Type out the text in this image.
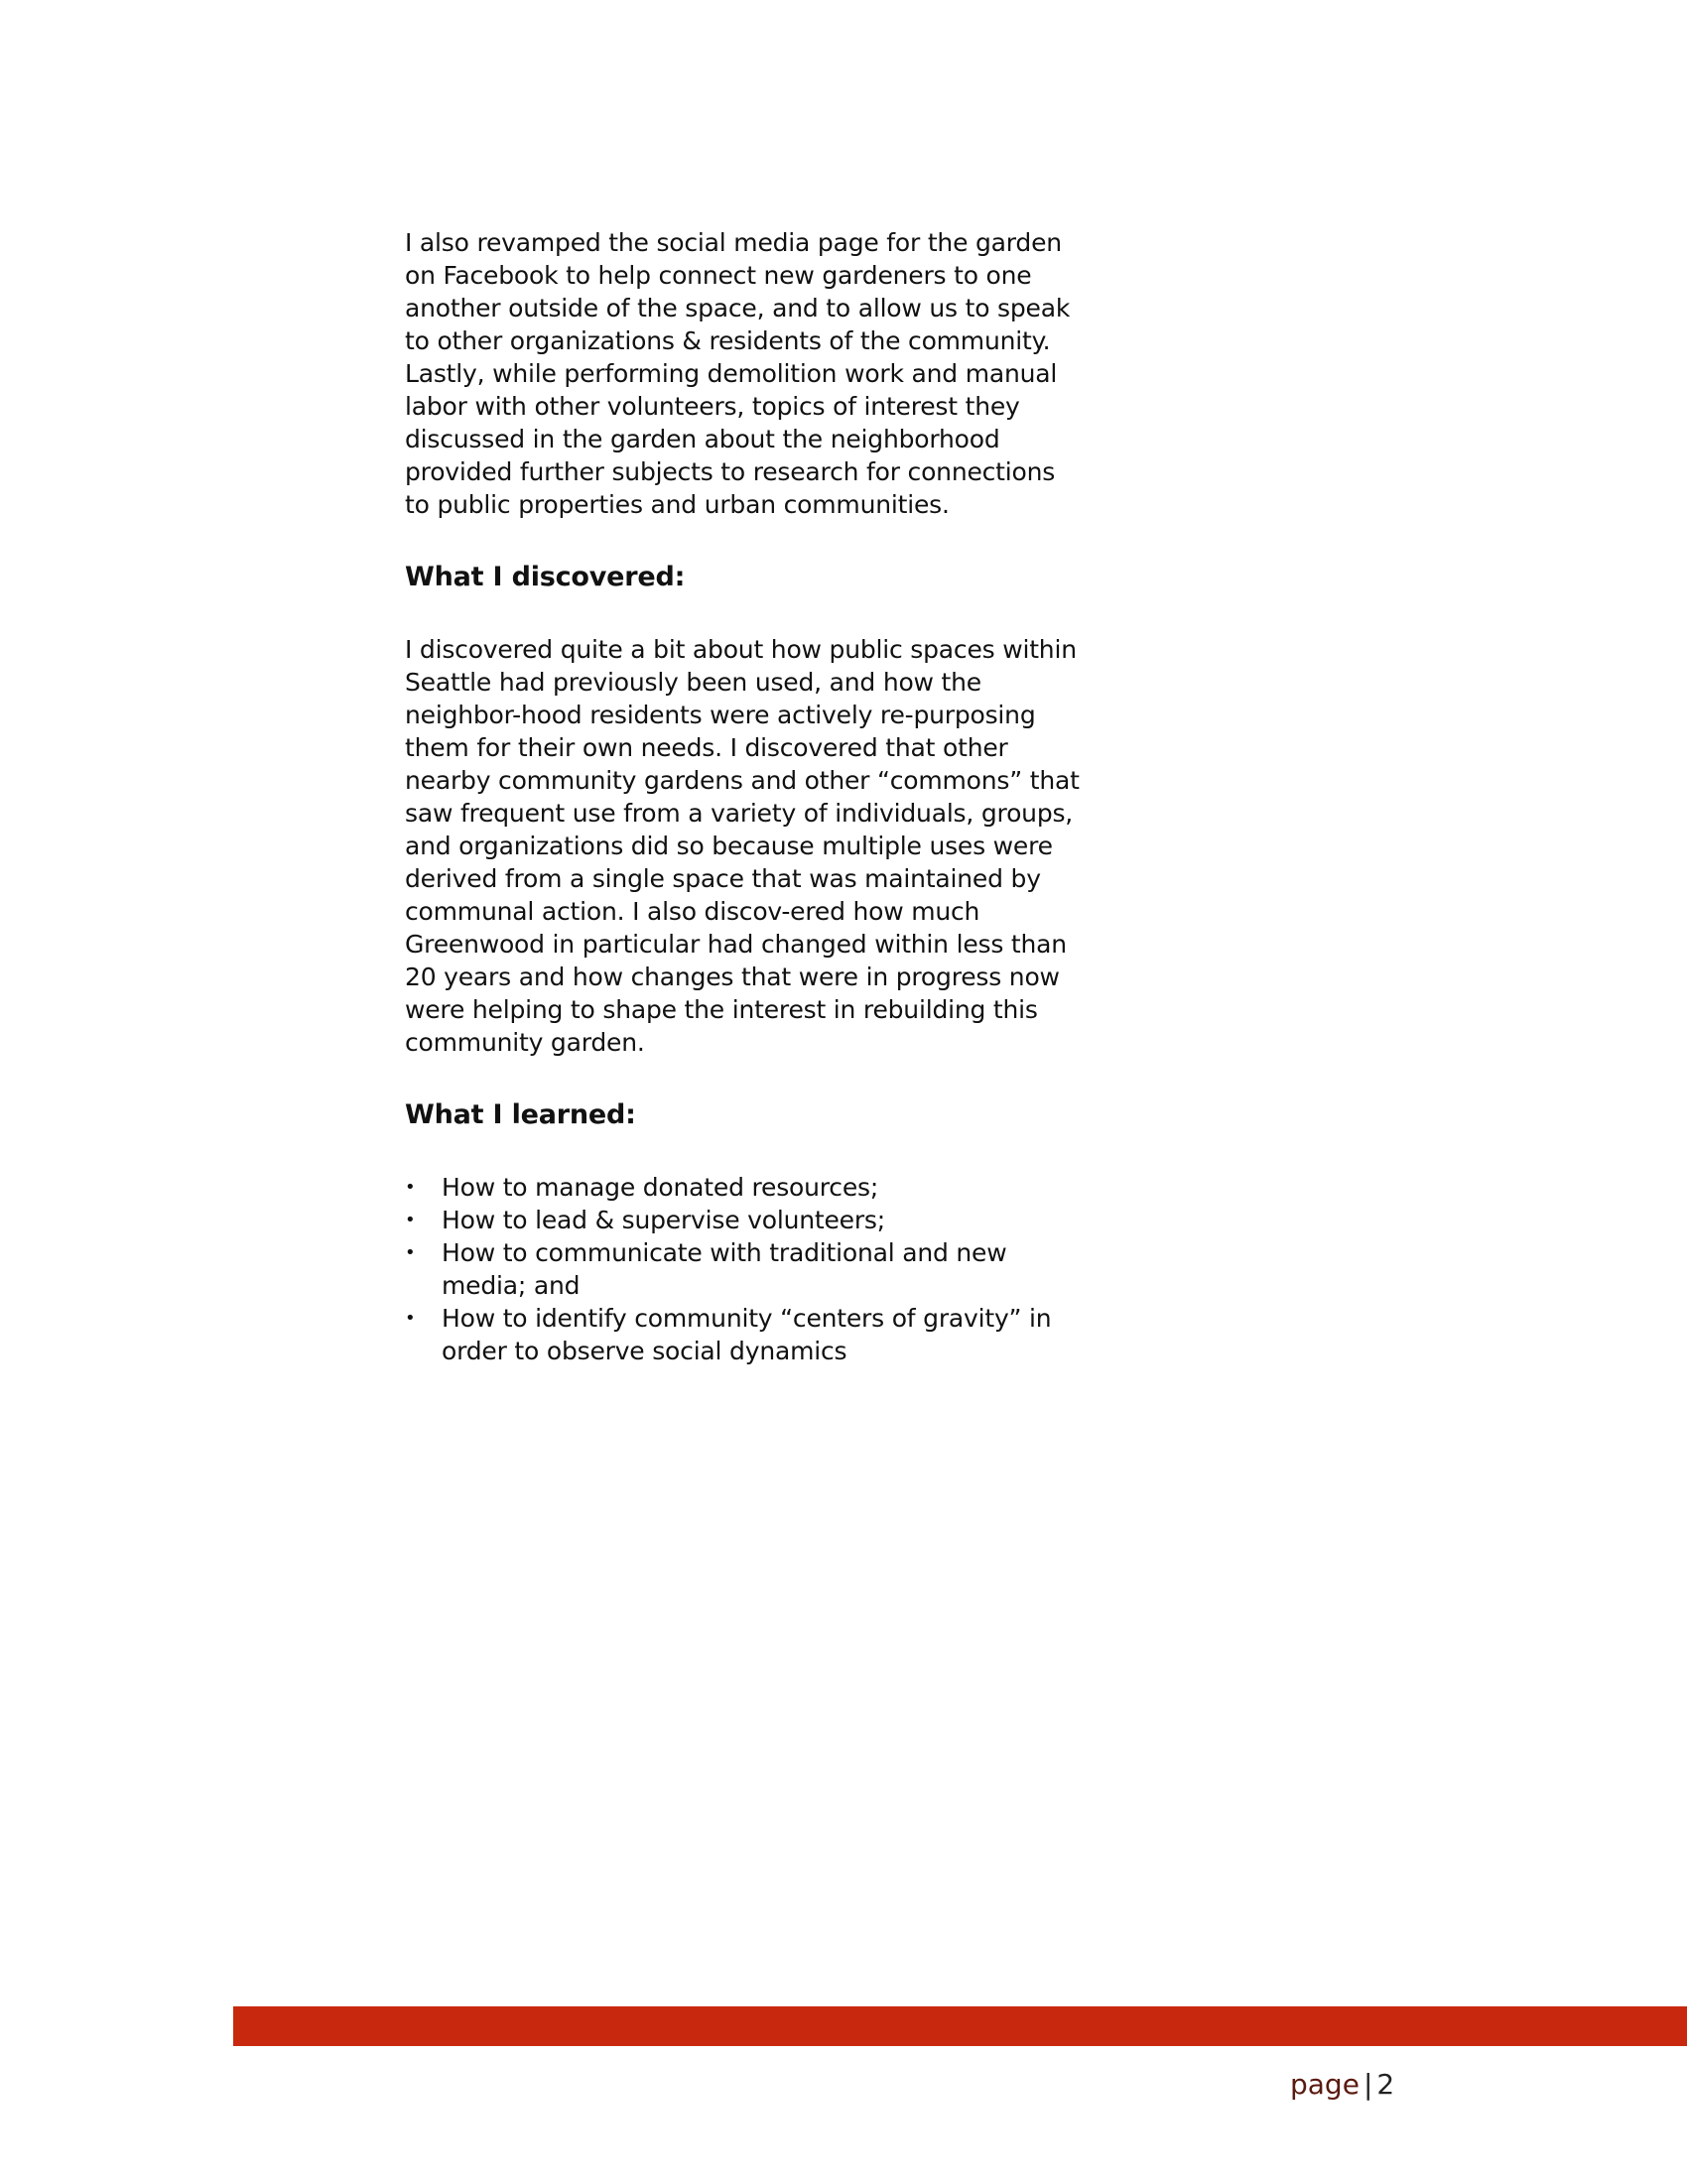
I also revamped the social media page for the garden on Facebook to help connect new gardeners to one another outside of the space, and to allow us to speak to other organizations & residents of the community. Lastly, while performing demolition work and manual labor with other volunteers, topics of interest they discussed in the garden about the neighborhood provided further subjects to research for connections to public properties and urban communities.

What I discovered:

I discovered quite a bit about how public spaces within Seattle had previously been used, and how the neighbor-hood residents were actively re-purposing them for their own needs. I discovered that other nearby community gardens and other “commons” that saw frequent use from a variety of individuals, groups, and organizations did so because multiple uses were derived from a single space that was maintained by communal action. I also discov-ered how much Greenwood in particular had changed within less than 20 years and how changes that were in progress now were helping to shape the interest in rebuilding this community garden.

What I learned:
• How to manage donated resources;
• How to lead & supervise volunteers;
• How to communicate with traditional and new media; and
• How to identify community “centers of gravity” in order to observe social dynamics
page | 2
